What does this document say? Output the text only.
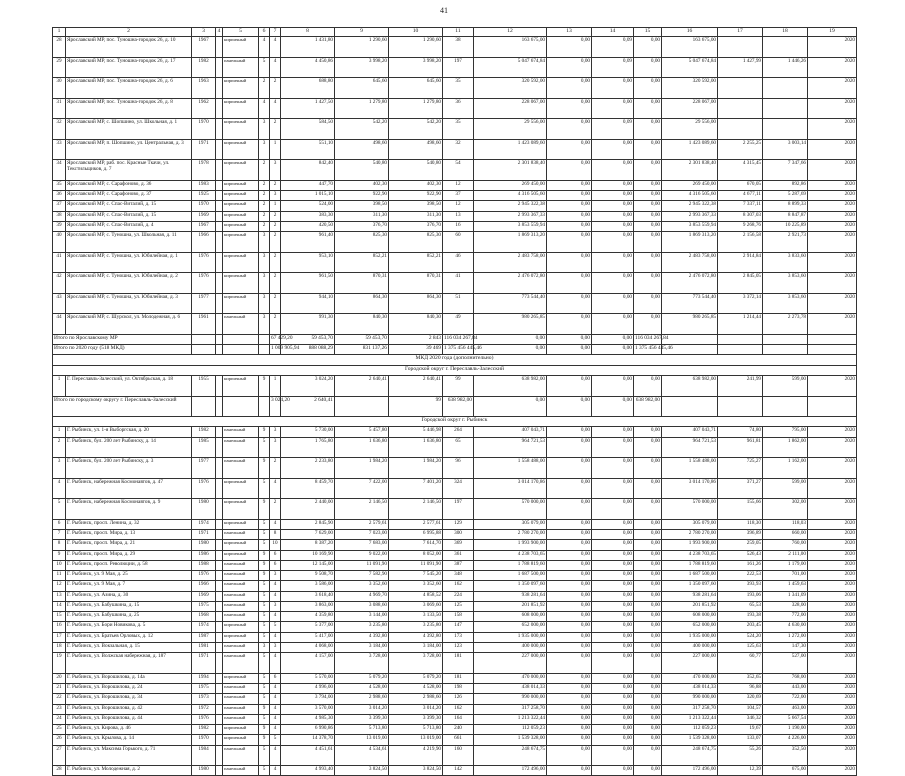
41
1	2	3	4	5	6	7	8	9	10	11	12	13	14	15	16	17	18	19
28	Ярославский МР, пос. Туношна-городок 26, д. 10	1967		кирпичный	4	4	1 431,80	1 290,60	1 290,60	38	163 675,00	0,00	0,09	0,00	163 675,00			2020
29	Ярославский МР, пос. Туношна-городок 26, д. 17	1982		панельный	5	4	4 450,86	3 998,20	3 998,20	197	5 047 674,84	0,00	0,09	0,00	5 047 674,84	1 427,99	1 446,26	2020
30	Ярославский МР, пос. Туношна-городок 26, д. 6	1963		кирпичный	2	2	688,80	645,60	645,60	35	320 592,00	0,00	0,00	0,00	320 592,00			2020
31	Ярославский МР, пос. Туношна-городок 26, д. 8	1962		кирпичный	4	4	1 427,50	1 279,80	1 279,80	36	228 067,00	0,00	0,00	0,00	228 067,00			2020
32	Ярославский МР, с. Шопшино, ул. Школьная, д. 1	1970		кирпичный	3	2	584,50	542,20	542,20	35	29 556,00	0,00	0,09	0,00	29 556,00			2020
33	Ярославский МР, п. Шопшино, ул. Центральная, д. 3	1971		кирпичный	3	1	551,10	498,60	498,60	32	1 423 089,60	0,00	0,00	0,00	1 423 089,60	2 255,25	3 003,14	2020
34	Ярославский МР, раб. пос. Красные Ткачи, ул. Текстильщиков, д. 7	1978		кирпичный	2	3	842,40	540,80	540,80	54	2 301 838,40	0,00	0,00	0,00	2 301 838,40	4 315,45	7 347,66	2020
35	Ярославский МР, с. Сарафоново, д. 36	1983		кирпичный	2	2	447,70	402,30	402,30	12	269 450,00	0,00	0,00	0,00	269 450,00	670,05	892,86	2020
36	Ярославский МР, с. Сарафоново, д. 37	1925		кирпичный	2	3	1 015,10	922,90	922,90	37	4 316 505,60	0,00	0,00	0,00	4 316 505,60	4 677,11	5 287,69	2020
37	Ярославский МР, с. Спас-Виталий, д. 15	1970		кирпичный	2	1	524,00	398,50	398,50	12	2 945 322,38	0,00	0,00	0,00	2 945 322,38	7 337,11	8 899,33	2020
38	Ярославский МР, с. Спас-Виталий, д. 15	1969		кирпичный	2	2	383,30	311,30	311,30	13	2 993 367,33	0,00	0,00	0,00	2 993 367,33	8 307,03	8 847,87	2020
39	Ярославский МР, с. Спас-Виталий, д. 4	1967		кирпичный	2	2	420,50	376,70	376,70	16	3 853 559,94	0,00	0,00	0,00	3 853 559,94	9 268,76	10 225,89	2020
40	Ярославский МР, с. Туношна, ул. Школьная, д. 11	1966		кирпичный	3	2	961,40	825,30	825,30	60	1 869 313,20	0,00	0,00	0,00	1 869 313,20	2 156,58	2 921,73	2020
41	Ярославский МР, с. Туношна, ул. Юбилейная, д. 1	1976		кирпичный	3	2	953,10	852,21	852,21	46	2 483 758,00	0,00	0,00	0,00	2 483 758,00	2 914,84	3 833,60	2020
42	Ярославский МР, с. Туношна, ул. Юбилейная, д. 2	1976		кирпичный	3	2	961,50	870,31	870,31	41	2 476 072,80	0,00	0,00	0,00	2 476 072,80	2 845,05	3 853,60	2020
43	Ярославский МР, с. Туношна, ул. Юбилейная, д. 3	1977		кирпичный	3	2	944,10	864,30	864,30	51	773 544,40	0,00	0,00	0,00	773 544,40	3 372,14	3 853,60	2020
44	Ярославский МР, с. Шурскол, ул. Молодежная, д. 6	1961		панельный	3	2	991,30	840,30	840,30	49	980 265,85	0,00	0,00	0,00	980 265,85	1 214,44	2 273,78	2020
Итого по Ярославскому МР						67 429,20	59 453,70	59 453,70	2 843	116 034 267,84	0,00	0,00	0,00	116 034 267,84				
Итого по 2020 году (518 МКД)						1 009 905,94	888 088,29	831 137,26	39 469	1 375 456 445,46	0,00	0,00	0,00	1 375 456 445,46				
МКД 2020 года (дополнительно)																		
Городской округ г. Переславль-Залесский																		
1	Г. Переславль-Залесский, ул. Октябрьская, д. 18	1955		кирпичный	9	1	3 024,20	2 640,41	2 640,41	99	638 982,00	0,00	0,00	0,00	638 982,00	241,99	599,00	2020
Итого по городскому округу г. Переславль-Залесский						3 024,20	2 640,41		99	638 982,00	0,00	0,00	0,00	638 982,00				
Городской округ г. Рыбинск																		
1	Г. Рыбинск, ул. 1-я Выборгская, д. 20	1982		панельный	9	3	5 730,00	5 457,80	5 446,98	264	407 043,71	0,00	0,00	0,00	407 043,71	74,80	795,00	2020
2	Г. Рыбинск, бул. 200 лет Рыбинску, д. 14	1985		панельный	5	3	1 765,80	1 636,80	1 636,80	65	964 721,53	0,00	0,00	0,00	964 721,53	961,81	1 862,00	2020
3	Г. Рыбинск, бул. 200 лет Рыбинску, д. 3	1977		панельный	9	2	2 233,80	1 984,20	1 984,20	96	1 558 488,00	0,00	0,00	0,00	1 558 488,00	725,27	1 162,00	2020
4	Г. Рыбинск, набережная Космонавтов, д. 47	1976		кирпичный	5	4	8 459,70	7 422,00	7 401,20	324	3 014 170,86	0,00	0,00	0,00	3 014 170,86	371,27	599,00	2020
5	Г. Рыбинск, набережная Космонавтов, д. 9	1980		кирпичный	9	2	2 440,00	2 146,50	2 146,50	197	570 000,00	0,00	0,00	0,00	570 000,00	155,66	302,00	2020
6	Г. Рыбинск, просп. Ленина, д. 32	1974		кирпичный	5	4	2 845,90	2 579,61	2 577,61	129	305 079,00	0,00	0,00	0,00	305 079,00	118,30	118,03	2020
7	Г. Рыбинск, просп. Мира, д. 13	1971		панельный	5	8	7 629,00	7 023,00	6 995,88	300	2 780 270,00	0,00	0,00	0,00	2 780 270,00	396,89	660,00	2020
8	Г. Рыбинск, просп. Мира, д. 21	1980		кирпичный	5	10	8 387,20	7 683,00	7 614,70	369	1 993 900,00	0,00	0,00	0,00	1 993 900,00	259,05	760,00	2020
9	Г. Рыбинск, просп. Мира, д. 29	1986		кирпичный	9	6	10 169,90	9 022,00	8 052,00	361	4 238 703,65	0,00	0,00	0,00	4 238 703,65	526,43	2 111,00	2020
10	Г. Рыбинск, просп. Революции, д. 58	1988		панельный	9	6	12 145,00	11 091,90	11 091,90	387	1 788 819,60	0,00	0,00	0,00	1 788 819,60	161,26	1 179,00	2020
11	Г. Рыбинск, ул. 9 Мая, д. 25	1976		панельный	9	3	9 508,70	7 582,90	7 545,20	348	1 687 500,00	0,00	0,00	0,00	1 687 500,00	222,53	701,00	2020
12	Г. Рыбинск, ул. 9 Мая, д. 7	1966		панельный	5	4	3 586,00	3 352,60	3 352,60	162	1 350 097,60	0,00	0,00	0,00	1 350 097,60	393,93	1 459,63	2020
13	Г. Рыбинск, ул. Азина, д. 30	1969		панельный	5	4	3 618,40	4 969,70	4 858,52	224	938 281,64	0,00	0,00	0,00	938 281,64	193,06	1 341,09	2020
14	Г. Рыбинск, ул. Бабушкина, д. 15	1975		панельный	5	3	3 863,00	3 088,60	3 069,60	125	201 851,92	0,00	0,00	0,00	201 851,92	65,53	328,00	2020
15	Г. Рыбинск, ул. Бабушкина, д. 25	1968		панельный	5	4	4 359,80	3 144,00	3 133,50	158	608 000,00	0,00	0,00	0,00	608 000,00	193,38	772,00	2020
16	Г. Рыбинск, ул. Бори Новикова, д. 5	1974		кирпичный	5	5	5 377,00	3 235,80	3 235,80	147	652 000,00	0,00	0,00	0,00	652 000,00	203,45	4 630,00	2020
17	Г. Рыбинск, ул. Братьев Орловых, д. 12	1987		кирпичный	5	4	5 417,00	4 392,80	4 392,80	173	1 935 000,00	0,00	0,00	0,00	1 935 000,00	524,20	1 272,00	2020
18	Г. Рыбинск, ул. Вокзальная, д. 15	1981		панельный	3	3	4 068,00	3 184,00	3 184,00	123	400 000,00	0,00	0,00	0,00	400 000,00	125,63	147,30	2020
19	Г. Рыбинск, ул. Волжская набережная, д. 187	1971		панельный	5	4	4 157,00	3 728,00	3 728,00	181	227 000,00	0,00	0,00	0,00	227 000,00	60,77	527,00	2020
20	Г. Рыбинск, ул. Ворошилова, д. 14а	1994		кирпичный	5	6	5 570,00	5 079,20	5 079,20	181	470 000,00	0,00	0,00	0,00	470 000,00	352,65	768,00	2020
21	Г. Рыбинск, ул. Ворошилова, д. 24	1975		панельный	5	4	4 996,00	4 528,00	4 528,00	198	438 014,33	0,00	0,00	0,00	438 014,33	96,88	443,00	2020
22	Г. Рыбинск, ул. Ворошилова, д. 34	1973		панельный	5	4	3 794,00	2 988,60	2 988,60	126	990 000,00	0,00	0,00	0,00	990 000,00	320,69	722,00	2020
23	Г. Рыбинск, ул. Ворошилова, д. 42	1972		панельный	9	4	3 570,00	3 014,20	3 014,20	162	317 258,70	0,00	0,00	0,00	317 258,70	104,57	463,00	2020
24	Г. Рыбинск, ул. Ворошилова, д. 44	1976		панельный	5	4	4 985,30	3 399,30	3 399,30	164	1 213 322,44	0,00	0,00	0,00	1 213 322,44	346,32	5 667,54	2020
25	Г. Рыбинск, ул. Кирова, д. 46	1982		кирпичный	9	4	6 990,86	5 713,80	5 713,80	240	112 059,23	0,00	0,00	0,00	112 059,23	19,67	1 190,00	2020
26	Г. Рыбинск, ул. Крылова, д. 14	1970		кирпичный	9	5	14 378,70	13 019,00	13 019,00	661	1 539 328,00	0,00	0,00	0,00	1 539 328,00	133,07	4 226,00	2020
27	Г. Рыбинск, ул. Максима Горького, д. 71	1984		панельный	5	4	4 451,61	4 534,61	4 219,90	160	248 674,75	0,00	0,00	0,00	248 674,75	55,26	352,50	2020
28	Г. Рыбинск, ул. Молодежная, д. 2	1980		панельный	5	4	4 993,40	3 824,50	3 824,50	142	172 496,00	0,00	0,00	0,00	172 496,00	12,39	675,00	2020
